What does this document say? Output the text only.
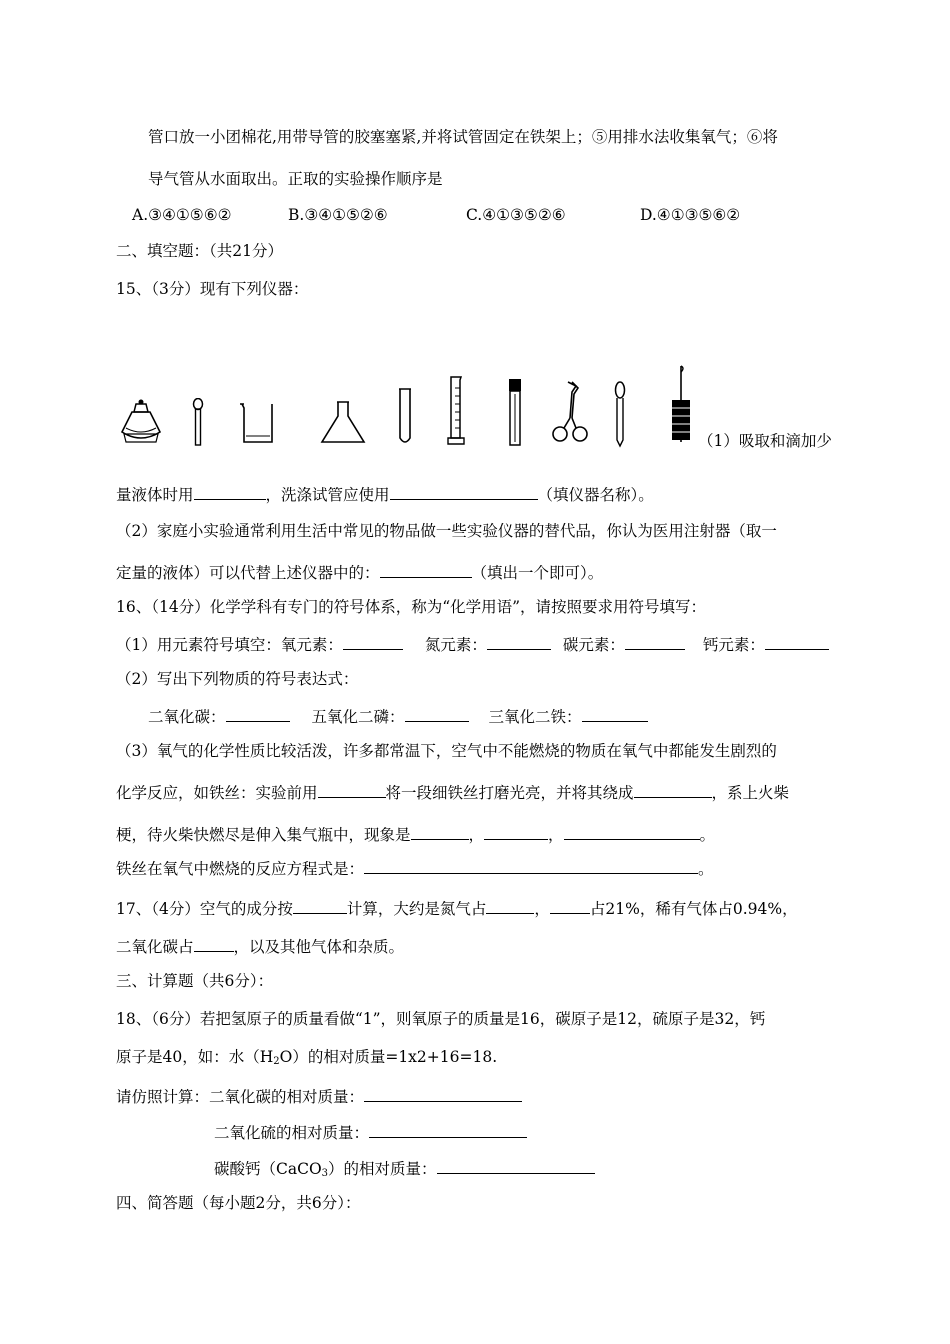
管口放一小团棉花,用带导管的胶塞塞紧,并将试管固定在铁架上；⑤用排水法收集氧气；⑥将
导气管从水面取出。正取的实验操作顺序是
A.③④①⑤⑥②	B.③④①⑤②⑥	C.④①③⑤②⑥	D.④①③⑤⑥②
二、填空题：（共21分）
15、（3分）现有下列仪器：
（1）吸取和滴加少
量液体时用	，洗涤试管应使用	（填仪器名称）。
（2）家庭小实验通常利用生活中常见的物品做一些实验仪器的替代品，你认为医用注射器（取一
定量的液体）可以代替上述仪器中的：	（填出一个即可）。
16、（14分）化学学科有专门的符号体系，称为“化学用语”，请按照要求用符号填写：
（1）用元素符号填空：氧元素：	氮元素：	碳元素：	钙元素：
（2）写出下列物质的符号表达式：
二氧化碳：	五氧化二磷：	三氧化二铁：
（3）氧气的化学性质比较活泼，许多都常温下，空气中不能燃烧的物质在氧气中都能发生剧烈的
化学反应，如铁丝：实验前用	将一段细铁丝打磨光亮，并将其绕成	，系上火柴
梗，待火柴快燃尽是伸入集气瓶中，现象是	，	，	。
铁丝在氧气中燃烧的反应方程式是：	。
17、（4分）空气的成分按	计算，大约是氮气占	，	占21%，稀有气体占0.94%，
二氧化碳占	，以及其他气体和杂质。
三、计算题（共6分）：
18、（6分）若把氢原子的质量看做“1”，则氧原子的质量是16，碳原子是12，硫原子是32，钙
原子是40，如：水$(H_2O)$的相对质量=1x2+16=18.
请仿照计算：二氧化碳的相对质量：
二氧化硫的相对质量：
碳酸钙（CaCO$_3$）的相对质量：
四、简答题（每小题2分，共6分）：
